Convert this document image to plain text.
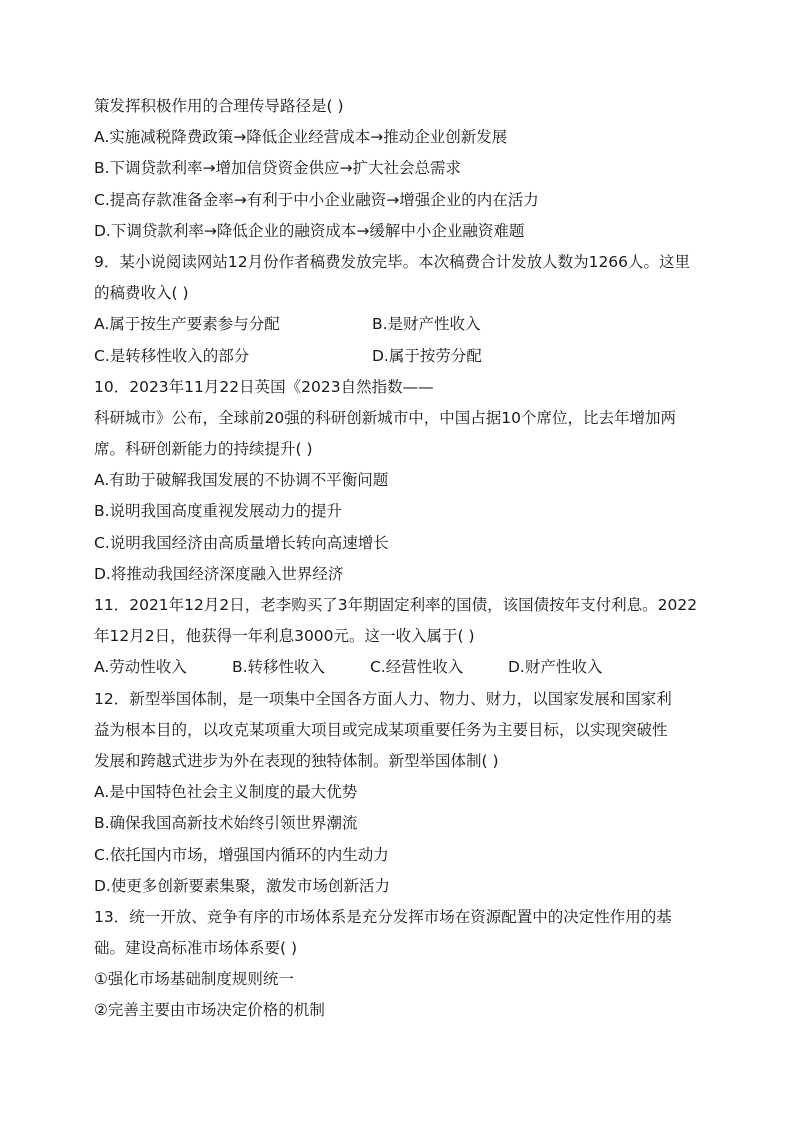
策发挥积极作用的合理传导路径是( )
A.实施减税降费政策→降低企业经营成本→推动企业创新发展
B.下调贷款利率→增加信贷资金供应→扩大社会总需求
C.提高存款准备金率→有利于中小企业融资→增强企业的内在活力
D.下调贷款利率→降低企业的融资成本→缓解中小企业融资难题
9．某小说阅读网站12月份作者稿费发放完毕。本次稿费合计发放人数为1266人。这里
的稿费收入( )
A.属于按生产要素参与分配	B.是财产性收入
C.是转移性收入的部分	D.属于按劳分配
10．2023年11月22日英国《2023自然指数——
科研城市》公布，全球前20强的科研创新城市中，中国占据10个席位，比去年增加两
席。科研创新能力的持续提升( )
A.有助于破解我国发展的不协调不平衡问题
B.说明我国高度重视发展动力的提升
C.说明我国经济由高质量增长转向高速增长
D.将推动我国经济深度融入世界经济
11．2021年12月2日，老李购买了3年期固定利率的国债，该国债按年支付利息。2022
年12月2日，他获得一年利息3000元。这一收入属于( )
A.劳动性收入	B.转移性收入	C.经营性收入	D.财产性收入
12．新型举国体制，是一项集中全国各方面人力、物力、财力，以国家发展和国家利
益为根本目的，以攻克某项重大项目或完成某项重要任务为主要目标，以实现突破性
发展和跨越式进步为外在表现的独特体制。新型举国体制( )
A.是中国特色社会主义制度的最大优势
B.确保我国高新技术始终引领世界潮流
C.依托国内市场，增强国内循环的内生动力
D.使更多创新要素集聚，激发市场创新活力
13．统一开放、竞争有序的市场体系是充分发挥市场在资源配置中的决定性作用的基
础。建设高标准市场体系要( )
①强化市场基础制度规则统一
②完善主要由市场决定价格的机制
